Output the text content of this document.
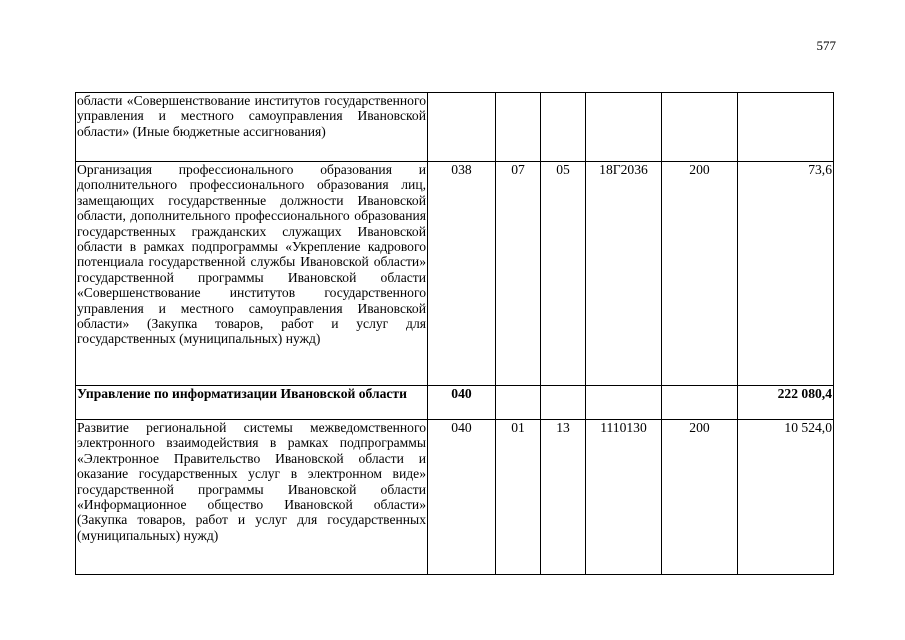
577
области «Совершенствование институтов государственного управления и местного самоуправления Ивановской области» (Иные бюджетные ассигнования)						
Организация профессионального образования и дополнительного профессионального образования лиц, замещающих государственные должности Ивановской области, дополнительного профессионального образования государственных гражданских служащих Ивановской области в рамках подпрограммы «Укрепление кадрового потенциала государственной службы Ивановской области» государственной программы Ивановской области «Совершенствование институтов государственного управления и местного самоуправления Ивановской области» (Закупка товаров, работ и услуг для государственных (муниципальных) нужд)	038	07	05	18Г2036	200	73,6
Управление по информатизации Ивановской области	040					222 080,4
Развитие региональной системы межведомственного электронного взаимодействия в рамках подпрограммы «Электронное Правительство Ивановской области и оказание государственных услуг в электронном виде» государственной программы Ивановской области «Информационное общество Ивановской области» (Закупка товаров, работ и услуг для государственных (муниципальных) нужд)	040	01	13	1110130	200	10 524,0
